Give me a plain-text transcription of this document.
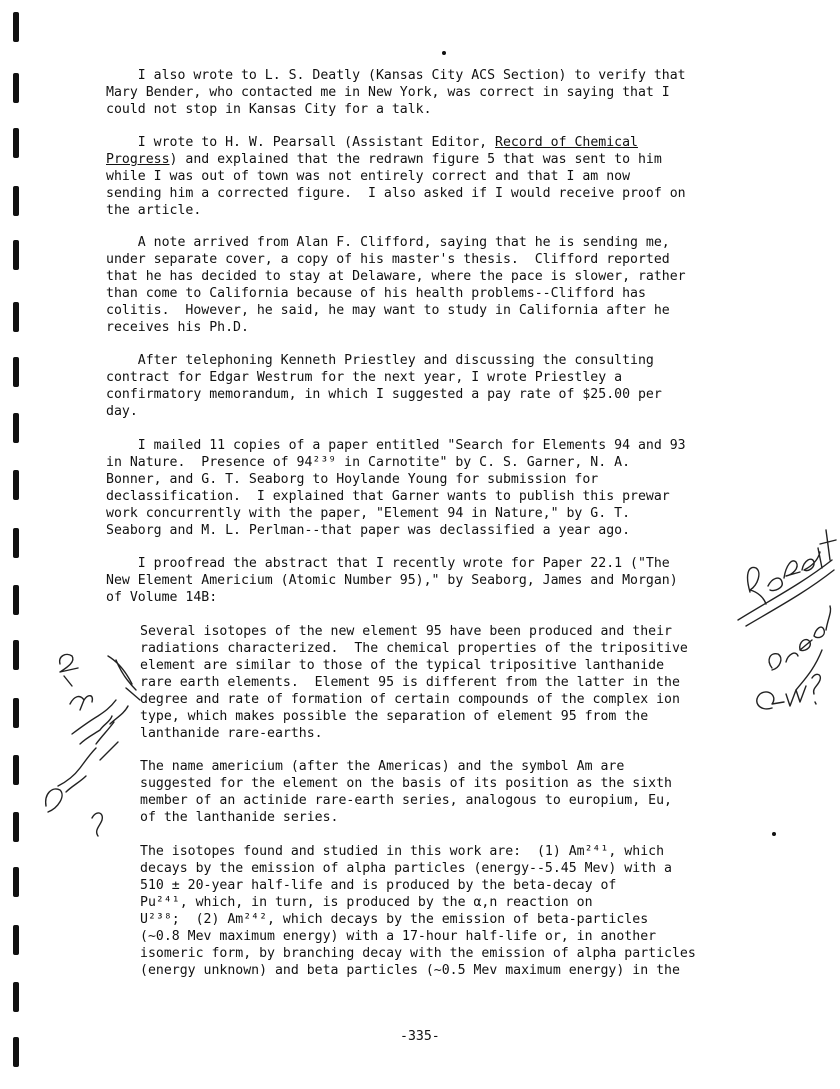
I also wrote to L. S. Deatly (Kansas City ACS Section) to verify that
Mary Bender, who contacted me in New York, was correct in saying that I
could not stop in Kansas City for a talk.
I wrote to H. W. Pearsall (Assistant Editor, Record of Chemical
Progress) and explained that the redrawn figure 5 that was sent to him
while I was out of town was not entirely correct and that I am now
sending him a corrected figure.  I also asked if I would receive proof on
the article.
A note arrived from Alan F. Clifford, saying that he is sending me,
under separate cover, a copy of his master's thesis.  Clifford reported
that he has decided to stay at Delaware, where the pace is slower, rather
than come to California because of his health problems--Clifford has
colitis.  However, he said, he may want to study in California after he
receives his Ph.D.
After telephoning Kenneth Priestley and discussing the consulting
contract for Edgar Westrum for the next year, I wrote Priestley a
confirmatory memorandum, in which I suggested a pay rate of $25.00 per
day.
I mailed 11 copies of a paper entitled "Search for Elements 94 and 93
in Nature.  Presence of 94²³⁹ in Carnotite" by C. S. Garner, N. A.
Bonner, and G. T. Seaborg to Hoylande Young for submission for
declassification.  I explained that Garner wants to publish this prewar
work concurrently with the paper, "Element 94 in Nature," by G. T.
Seaborg and M. L. Perlman--that paper was declassified a year ago.
I proofread the abstract that I recently wrote for Paper 22.1 ("The
New Element Americium (Atomic Number 95)," by Seaborg, James and Morgan)
of Volume 14B:
Several isotopes of the new element 95 have been produced and their
radiations characterized.  The chemical properties of the tripositive
element are similar to those of the typical tripositive lanthanide
rare earth elements.  Element 95 is different from the latter in the
degree and rate of formation of certain compounds of the complex ion
type, which makes possible the separation of element 95 from the
lanthanide rare-earths.
The name americium (after the Americas) and the symbol Am are
suggested for the element on the basis of its position as the sixth
member of an actinide rare-earth series, analogous to europium, Eu,
of the lanthanide series.
The isotopes found and studied in this work are:  (1) Am²⁴¹, which
decays by the emission of alpha particles (energy--5.45 Mev) with a
510 ± 20-year half-life and is produced by the beta-decay of
Pu²⁴¹, which, in turn, is produced by the α,n reaction on
U²³⁸;  (2) Am²⁴², which decays by the emission of beta-particles
(~0.8 Mev maximum energy) with a 17-hour half-life or, in another
isomeric form, by branching decay with the emission of alpha particles
(energy unknown) and beta particles (~0.5 Mev maximum energy) in the
-335-
